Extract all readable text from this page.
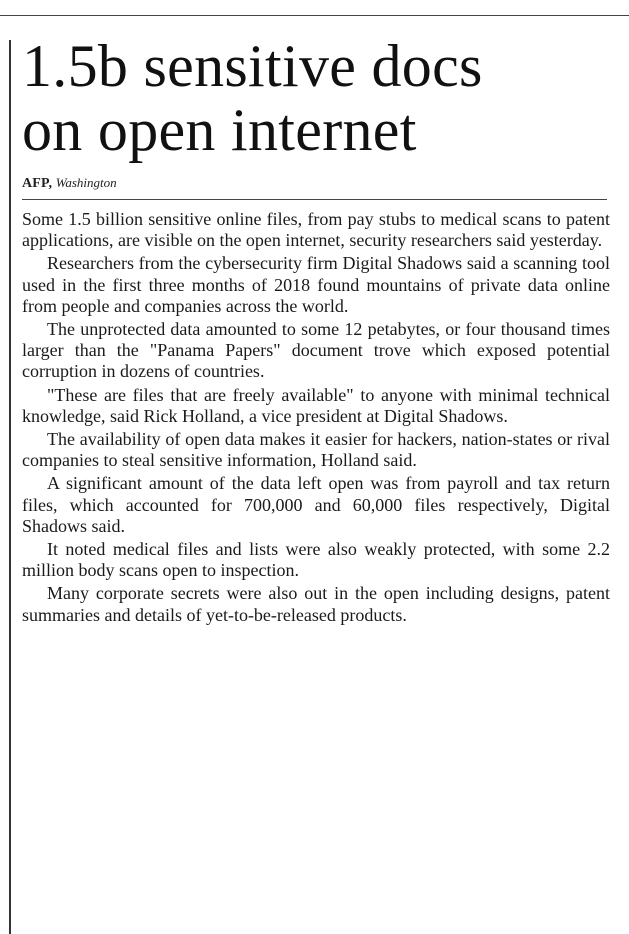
1.5b sensitive docs
on open internet
AFP, Washington

Some 1.5 billion sensitive online files, from pay stubs to medical scans to patent applications, are visible on the open internet, security researchers said yesterday.

Researchers from the cybersecurity firm Digital Shadows said a scanning tool used in the first three months of 2018 found mountains of private data online from people and companies across the world.

The unprotected data amounted to some 12 petabytes, or four thousand times larger than the "Panama Papers" document trove which exposed potential corruption in dozens of countries.

"These are files that are freely available" to anyone with minimal technical knowledge, said Rick Holland, a vice president at Digital Shadows.

The availability of open data makes it easier for hackers, nation-states or rival companies to steal sensitive information, Holland said.

A significant amount of the data left open was from payroll and tax return files, which accounted for 700,000 and 60,000 files respectively, Digital Shadows said.

It noted medical files and lists were also weakly protected, with some 2.2 million body scans open to inspection.

Many corporate secrets were also out in the open including designs, patent summaries and details of yet-to-be-released products.
